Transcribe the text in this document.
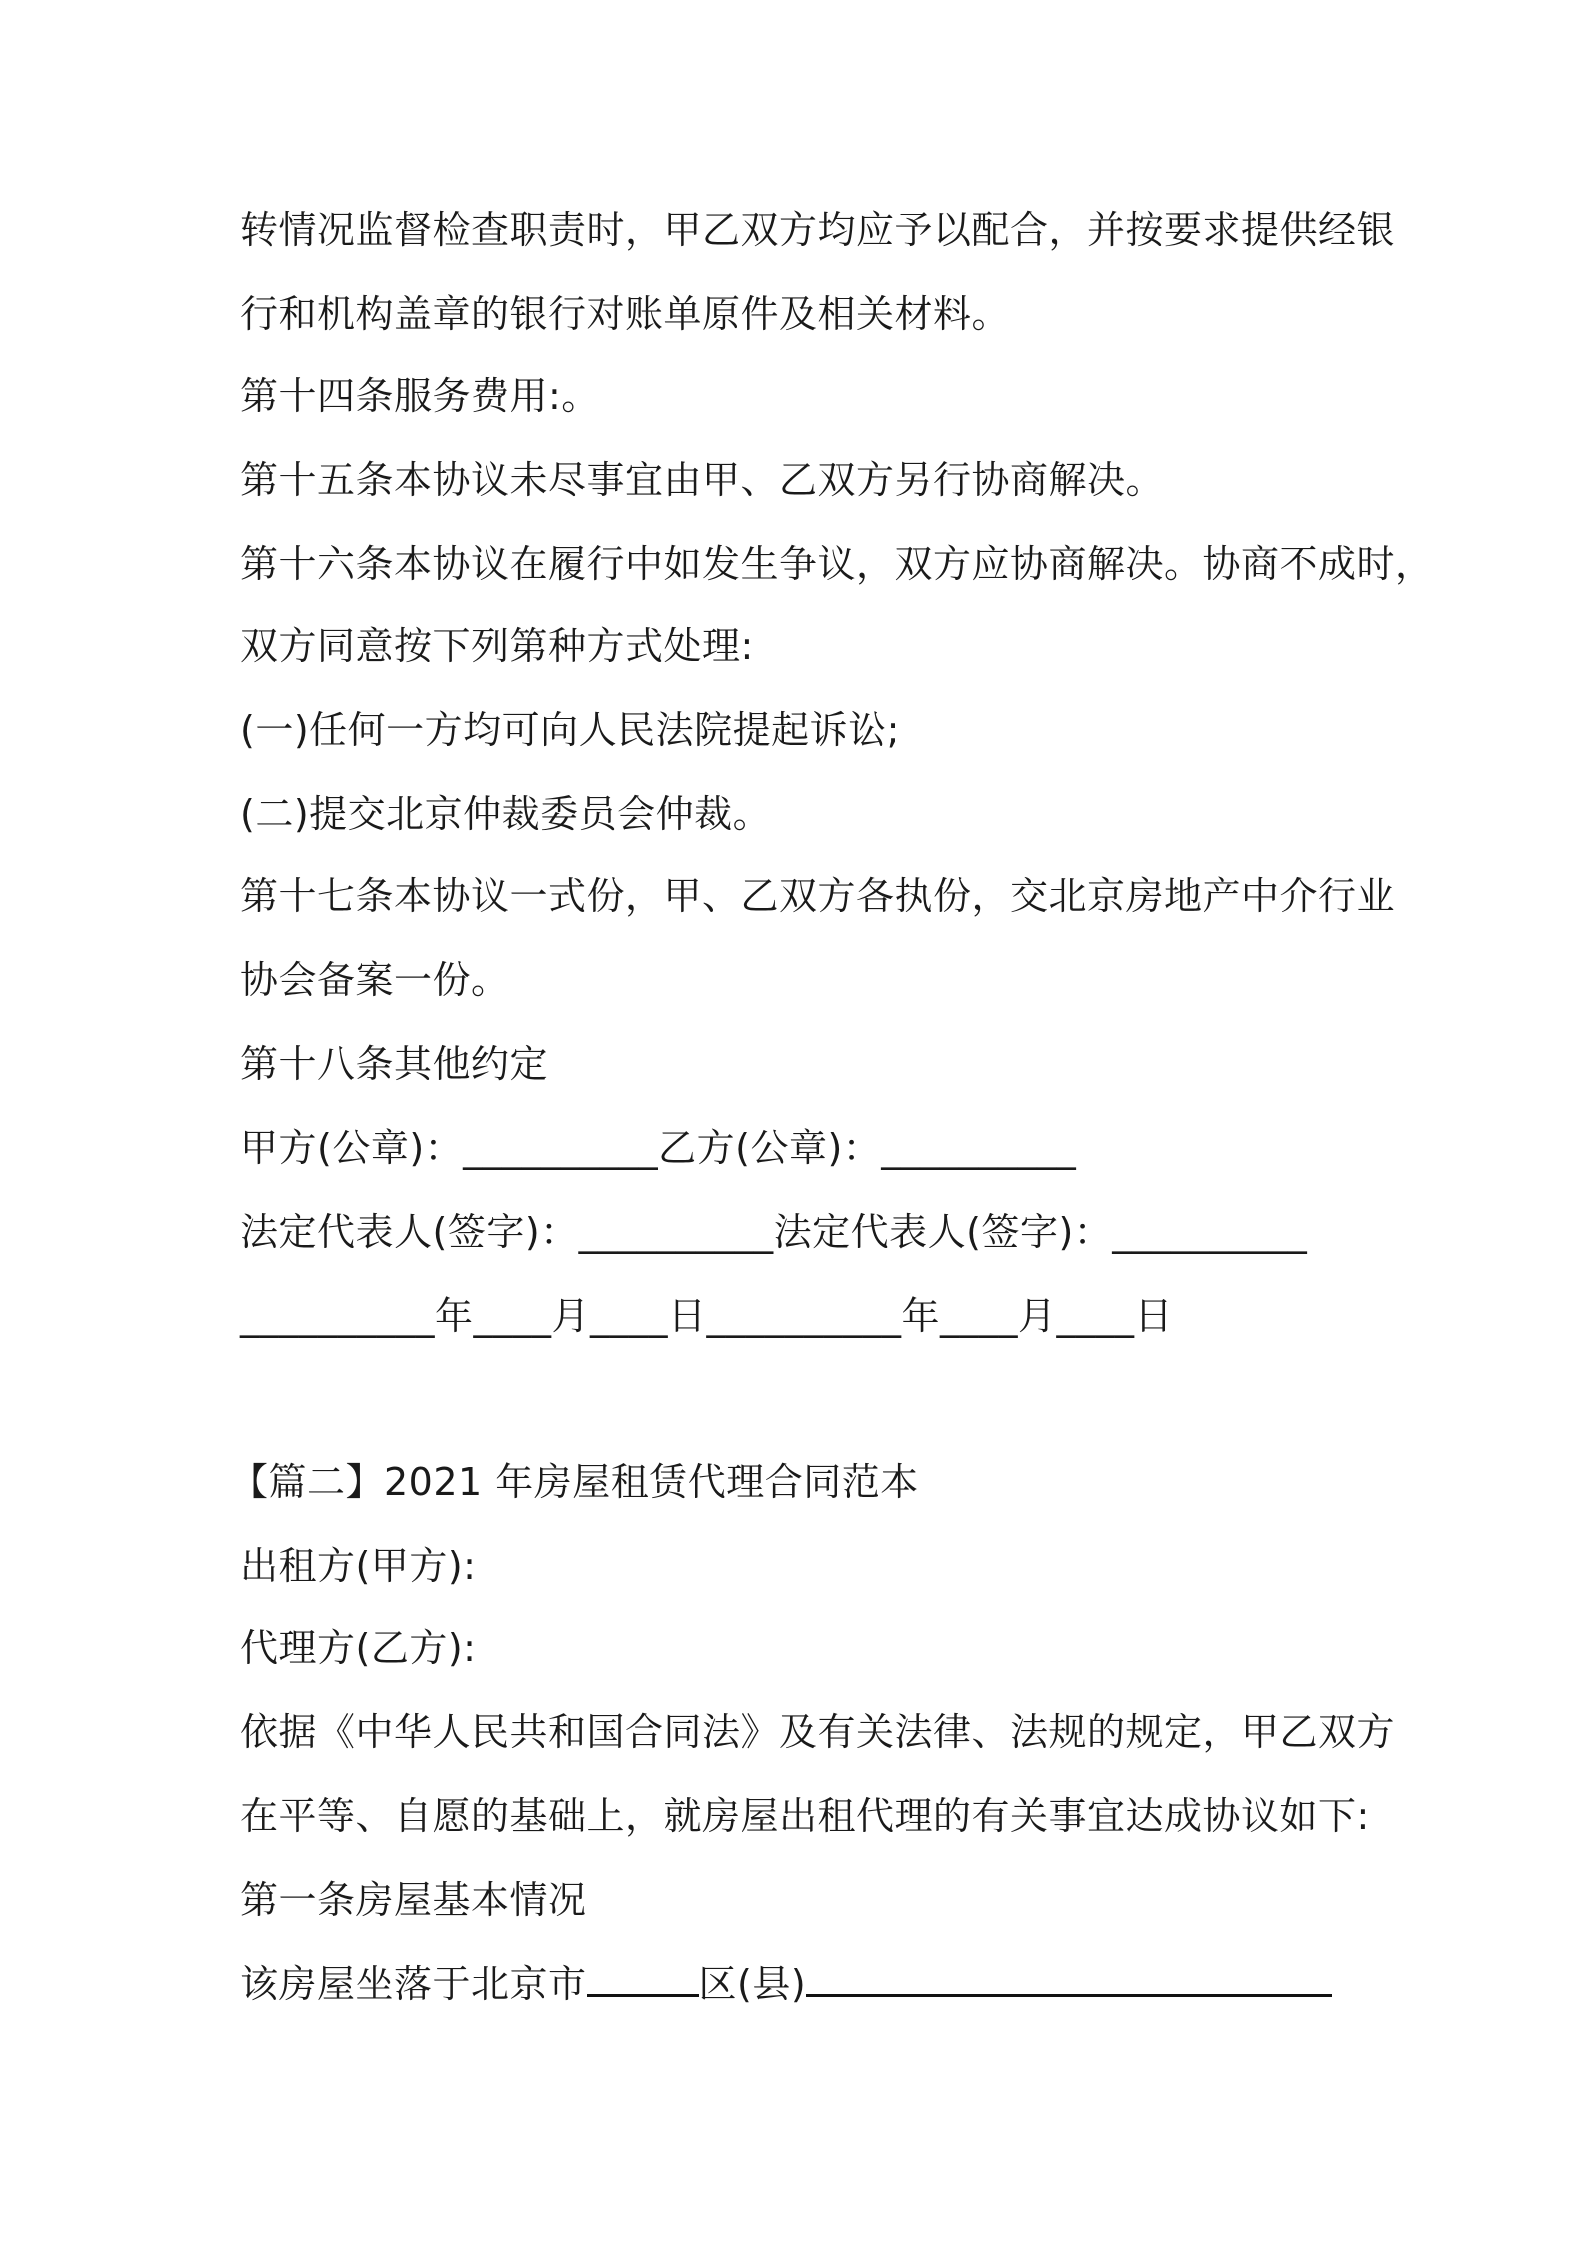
转情况监督检查职责时，甲乙双方均应予以配合，并按要求提供经银
行和机构盖章的银行对账单原件及相关材料。
第十四条服务费用:。
第十五条本协议未尽事宜由甲、乙双方另行协商解决。
第十六条本协议在履行中如发生争议，双方应协商解决。协商不成时，
双方同意按下列第种方式处理:
(一)任何一方均可向人民法院提起诉讼;
(二)提交北京仲裁委员会仲裁。
第十七条本协议一式份，甲、乙双方各执份，交北京房地产中介行业
协会备案一份。
第十八条其他约定
甲方(公章)：__________乙方(公章)：__________
法定代表人(签字)：__________法定代表人(签字)：__________
__________年____月____日__________年____月____日
【篇二】2021 年房屋租赁代理合同范本
出租方(甲方):
代理方(乙方):
依据《中华人民共和国合同法》及有关法律、法规的规定，甲乙双方
在平等、自愿的基础上，就房屋出租代理的有关事宜达成协议如下:
第一条房屋基本情况
该房屋坐落于北京市	区(县)
